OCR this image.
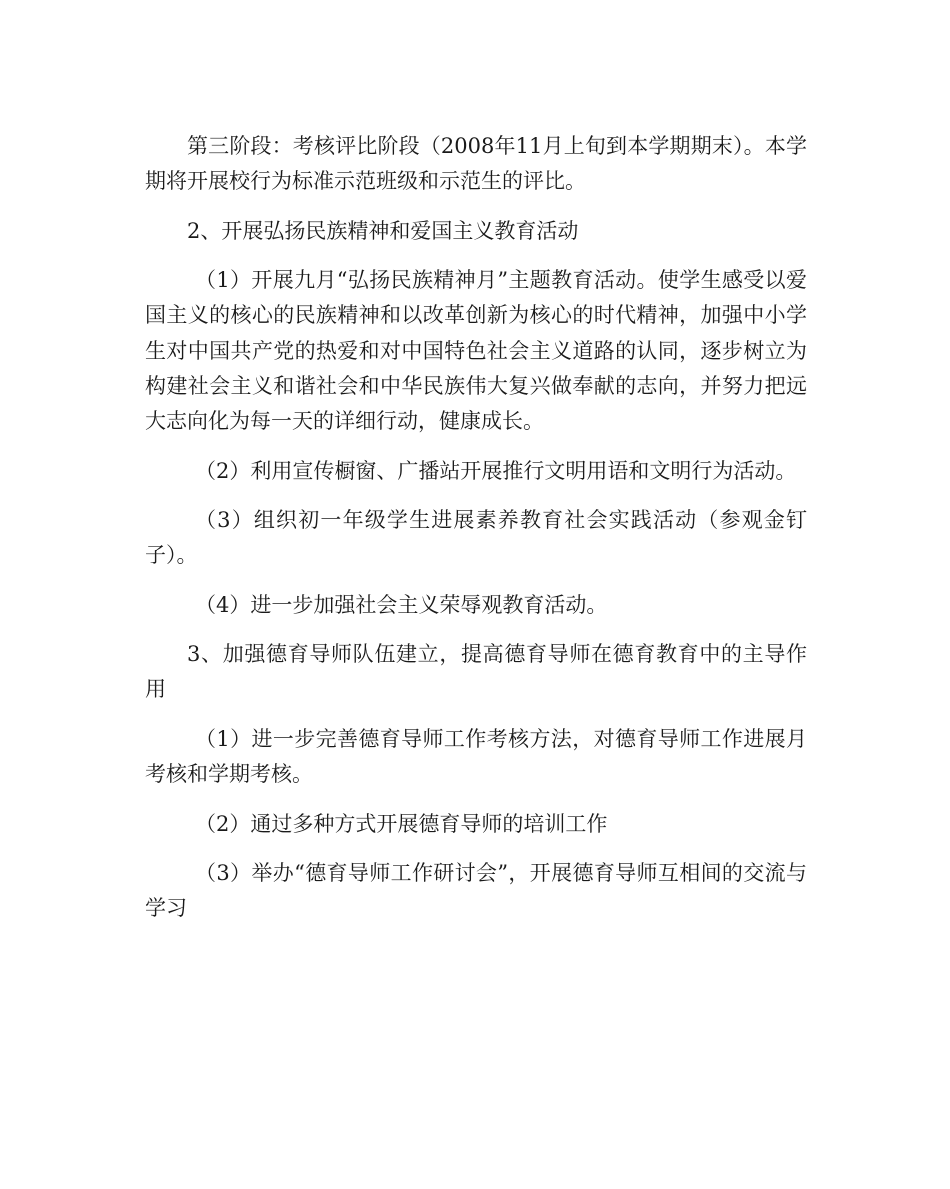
第三阶段：考核评比阶段（2008年11月上旬到本学期期末）。本学期将开展校行为标准示范班级和示范生的评比。

2、开展弘扬民族精神和爱国主义教育活动

（1）开展九月“弘扬民族精神月”主题教育活动。使学生感受以爱国主义的核心的民族精神和以改革创新为核心的时代精神，加强中小学生对中国共产党的热爱和对中国特色社会主义道路的认同，逐步树立为构建社会主义和谐社会和中华民族伟大复兴做奉献的志向，并努力把远大志向化为每一天的详细行动，健康成长。

（2）利用宣传橱窗、广播站开展推行文明用语和文明行为活动。

（3）组织初一年级学生进展素养教育社会实践活动（参观金钉子）。

（4）进一步加强社会主义荣辱观教育活动。

3、加强德育导师队伍建立，提高德育导师在德育教育中的主导作用

（1）进一步完善德育导师工作考核方法，对德育导师工作进展月考核和学期考核。

（2）通过多种方式开展德育导师的培训工作

（3）举办“德育导师工作研讨会”，开展德育导师互相间的交流与学习
